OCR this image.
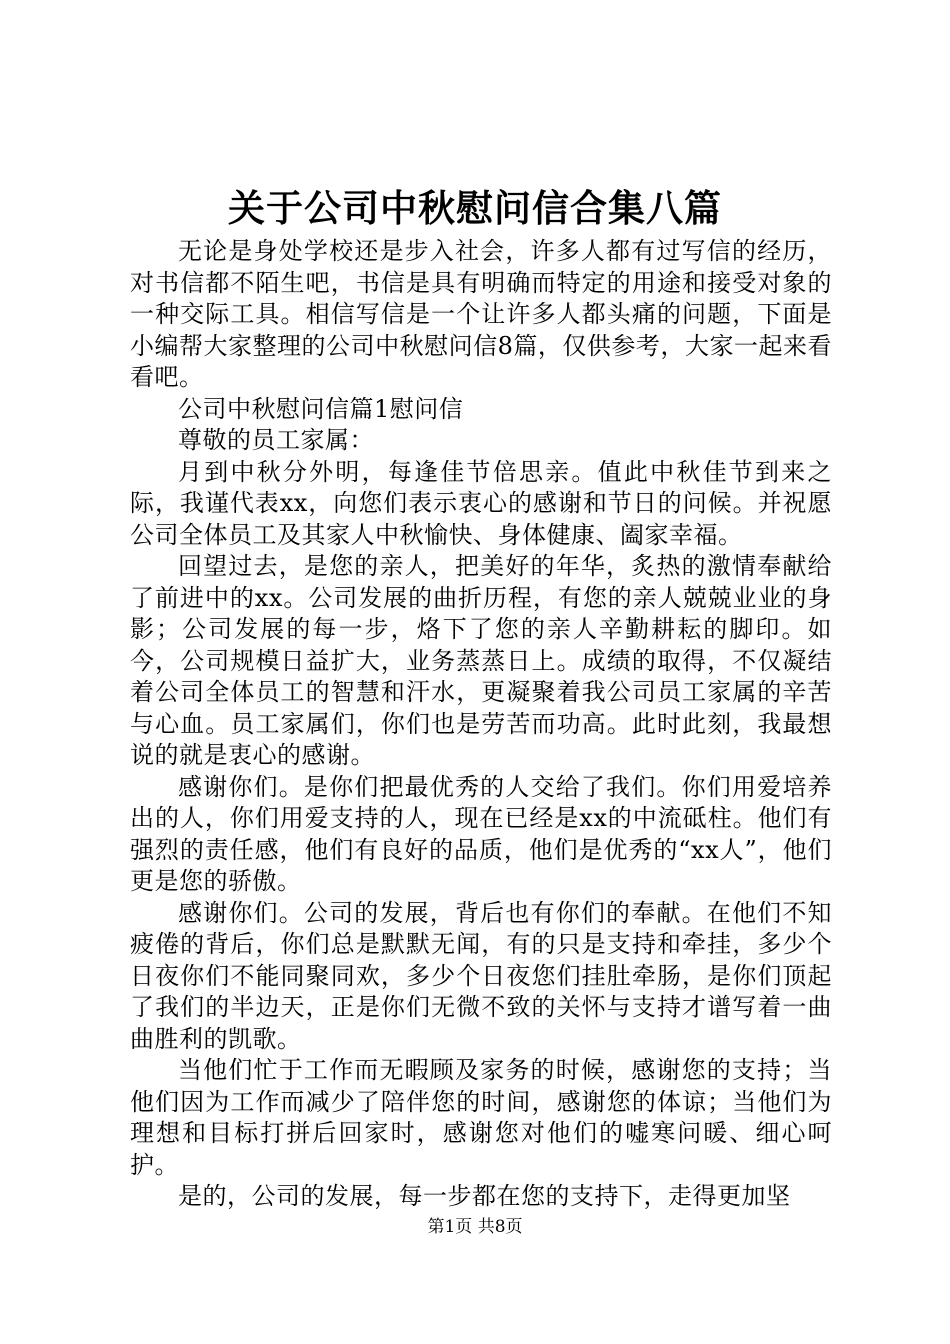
关于公司中秋慰问信合集八篇

无论是身处学校还是步入社会，许多人都有过写信的经历，对书信都不陌生吧，书信是具有明确而特定的用途和接受对象的一种交际工具。相信写信是一个让许多人都头痛的问题，下面是小编帮大家整理的公司中秋慰问信8篇，仅供参考，大家一起来看看吧。

公司中秋慰问信篇1慰问信

尊敬的员工家属：

月到中秋分外明，每逢佳节倍思亲。值此中秋佳节到来之际，我谨代表xx，向您们表示衷心的感谢和节日的问候。并祝愿公司全体员工及其家人中秋愉快、身体健康、阖家幸福。

回望过去，是您的亲人，把美好的年华，炙热的激情奉献给了前进中的xx。公司发展的曲折历程，有您的亲人兢兢业业的身影；公司发展的每一步，烙下了您的亲人辛勤耕耘的脚印。如今，公司规模日益扩大，业务蒸蒸日上。成绩的取得，不仅凝结着公司全体员工的智慧和汗水，更凝聚着我公司员工家属的辛苦与心血。员工家属们，你们也是劳苦而功高。此时此刻，我最想说的就是衷心的感谢。

感谢你们。是你们把最优秀的人交给了我们。你们用爱培养出的人，你们用爱支持的人，现在已经是xx的中流砥柱。他们有强烈的责任感，他们有良好的品质，他们是优秀的“xx人”，他们更是您的骄傲。

感谢你们。公司的发展，背后也有你们的奉献。在他们不知疲倦的背后，你们总是默默无闻，有的只是支持和牵挂，多少个日夜你们不能同聚同欢，多少个日夜您们挂肚牵肠，是你们顶起了我们的半边天，正是你们无微不致的关怀与支持才谱写着一曲曲胜利的凯歌。

当他们忙于工作而无暇顾及家务的时候，感谢您的支持；当他们因为工作而减少了陪伴您的时间，感谢您的体谅；当他们为理想和目标打拼后回家时，感谢您对他们的嘘寒问暖、细心呵护。

是的，公司的发展，每一步都在您的支持下，走得更加坚

第1页 共8页
